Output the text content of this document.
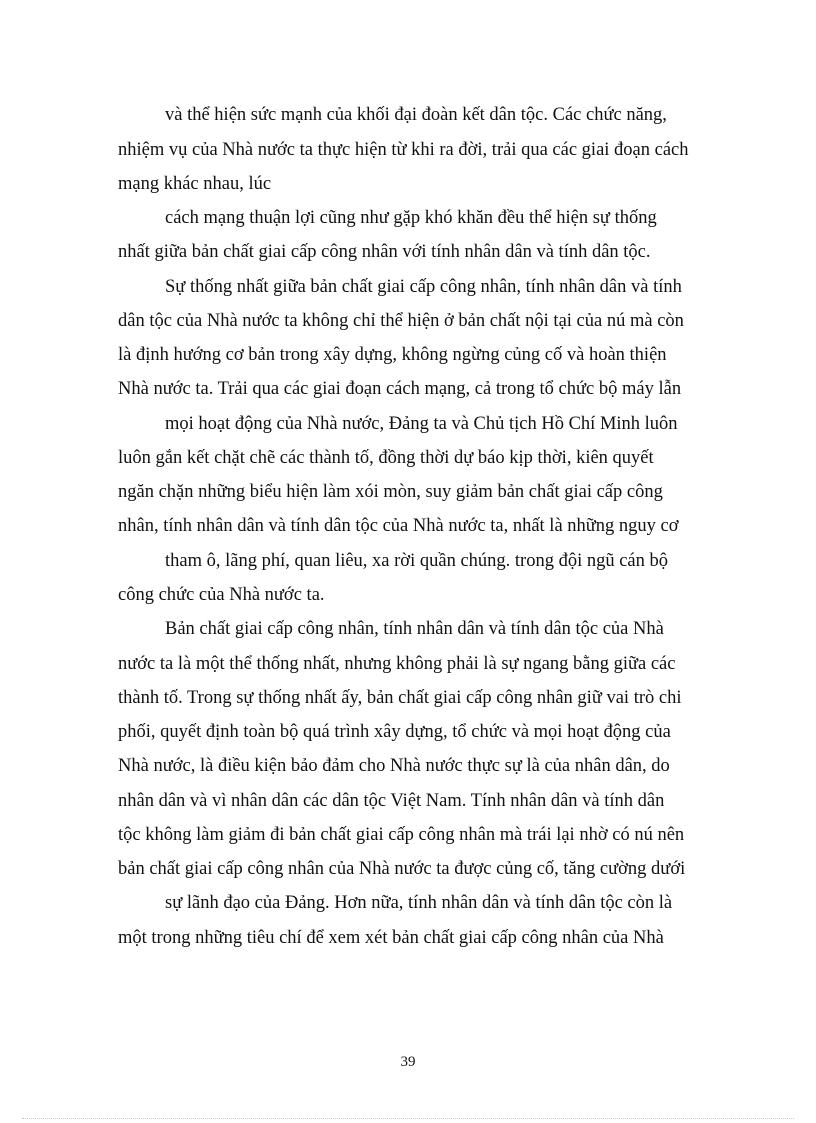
và thể hiện sức mạnh của khối đại đoàn kết dân tộc. Các chức năng,
nhiệm vụ của Nhà nước ta thực hiện từ khi ra đời, trải qua các giai đoạn cách
mạng khác nhau, lúc
cách mạng thuận lợi cũng như gặp khó khăn đều thể hiện sự thống
nhất giữa bản chất giai cấp công nhân với tính nhân dân và tính dân tộc.
Sự thống nhất giữa bản chất giai cấp công nhân, tính nhân dân và tính
dân tộc của Nhà nước ta không chỉ thể hiện ở bản chất nội tại của nú mà còn
là định hướng cơ bản trong xây dựng, không ngừng củng cố và hoàn thiện
Nhà nước ta. Trải qua các giai đoạn cách mạng, cả trong tổ chức bộ máy lẫn
mọi hoạt động của Nhà nước, Đảng ta và Chủ tịch Hồ Chí Minh luôn
luôn gắn kết chặt chẽ các thành tố, đồng thời dự báo kịp thời, kiên quyết
ngăn chặn những biểu hiện làm xói mòn, suy giảm bản chất giai cấp công
nhân, tính nhân dân và tính dân tộc của Nhà nước ta, nhất là những nguy cơ
tham ô, lãng phí, quan liêu, xa rời quần chúng. trong đội ngũ cán bộ
công chức của Nhà nước ta.
Bản chất giai cấp công nhân, tính nhân dân và tính dân tộc của Nhà
nước ta là một thể thống nhất, nhưng không phải là sự ngang bằng giữa các
thành tố. Trong sự thống nhất ấy, bản chất giai cấp công nhân giữ vai trò chi
phối, quyết định toàn bộ quá trình xây dựng, tổ chức và mọi hoạt động của
Nhà nước, là điều kiện bảo đảm cho Nhà nước thực sự là của nhân dân, do
nhân dân và vì nhân dân các dân tộc Việt Nam. Tính nhân dân và tính dân
tộc không làm giảm đi bản chất giai cấp công nhân mà trái lại nhờ có nú nên
bản chất giai cấp công nhân của Nhà nước ta được củng cố, tăng cường dưới
sự lãnh đạo của Đảng. Hơn nữa, tính nhân dân và tính dân tộc còn là
một trong những tiêu chí để xem xét bản chất giai cấp công nhân của Nhà
39
